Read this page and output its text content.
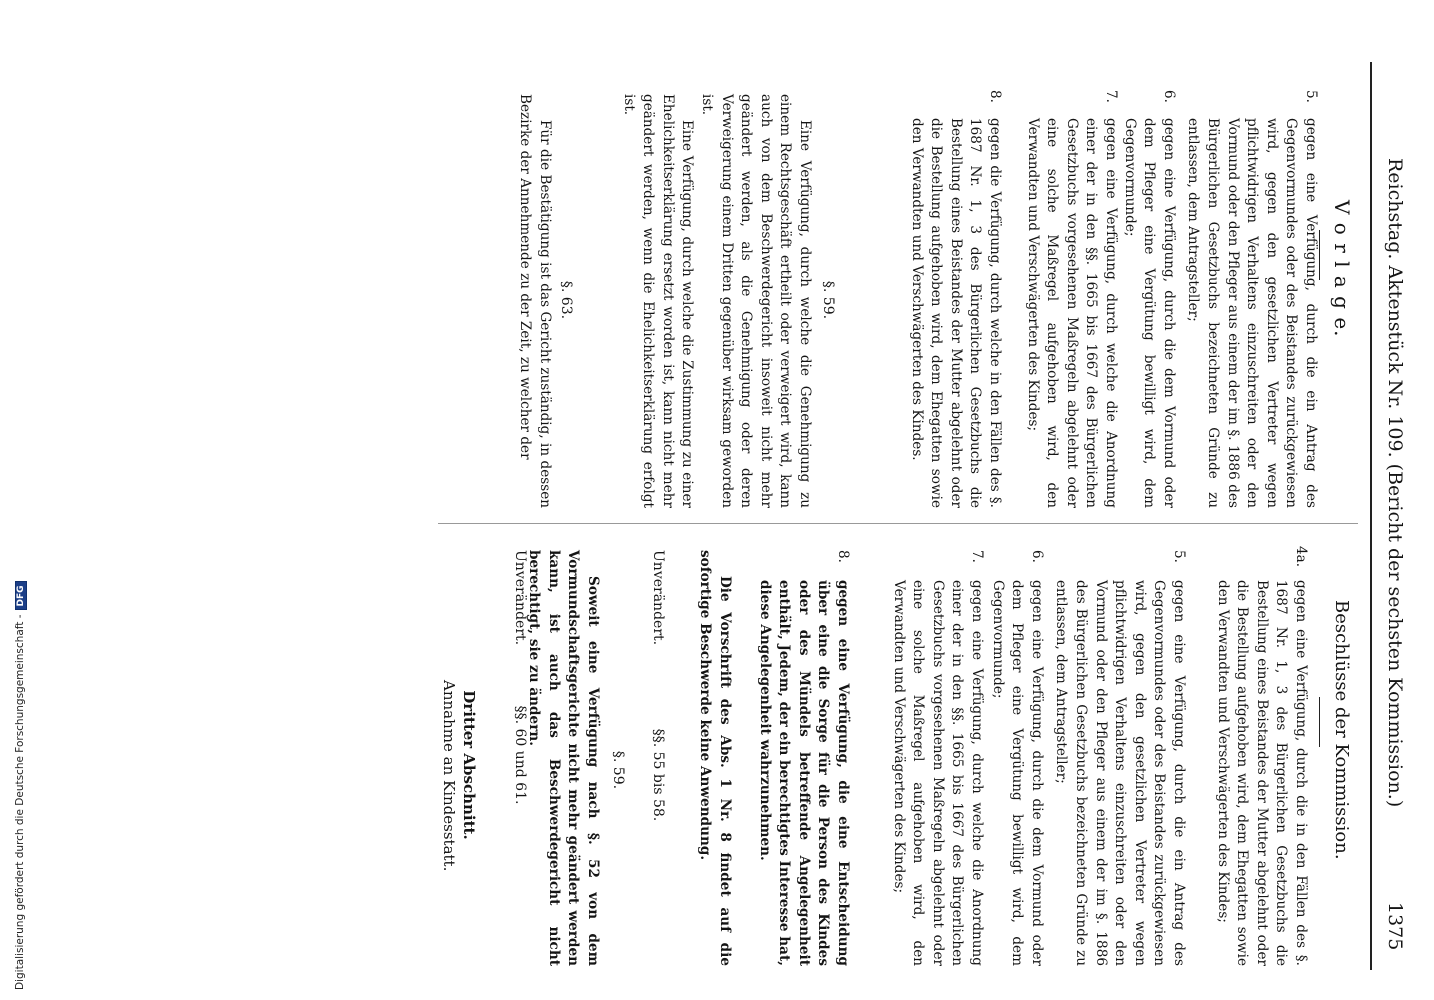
Reichstag. Aktenstück Nr. 109. (Bericht der sechsten Kommission.)
1375
V o r l a g e.
Beschlüsse der Kommission.
5.
gegen eine Verfügung, durch die ein Antrag des Gegenvormundes oder des Beistandes zurückgewiesen wird, gegen den gesetzlichen Vertreter wegen pflichtwidrigen Verhaltens einzuschreiten oder den Vormund oder den Pfleger aus einem der im §. 1886 des Bürgerlichen Gesetzbuchs bezeichneten Gründe zu entlassen, dem Antragsteller;
6.
gegen eine Verfügung, durch die dem Vormund oder dem Pfleger eine Vergütung bewilligt wird, dem Gegenvormunde;
7.
gegen eine Verfügung, durch welche die Anordnung einer der in den §§. 1665 bis 1667 des Bürgerlichen Gesetzbuchs vorgesehenen Maßregeln abgelehnt oder eine solche Maßregel aufgehoben wird, den Verwandten und Verschwägerten des Kindes;
8.
gegen die Verfügung, durch welche in den Fällen des §. 1687 Nr. 1, 3 des Bürgerlichen Gesetzbuchs die Bestellung eines Beistandes der Mutter abgelehnt oder die Bestellung aufgehoben wird, dem Ehegatten sowie den Verwandten und Verschwägerten des Kindes.
§. 59.

Eine Verfügung, durch welche die Genehmigung zu einem Rechtsgeschäft ertheilt oder verweigert wird, kann auch von dem Beschwerdegericht insoweit nicht mehr geändert werden, als die Genehmigung oder deren Verweigerung einem Dritten gegenüber wirksam geworden ist.

Eine Verfügung, durch welche die Zustimmung zu einer Ehelichkeitserklärung ersetzt worden ist, kann nicht mehr geändert werden, wenn die Ehelichkeitserklärung erfolgt ist.

§. 63.

Für die Bestätigung ist das Gericht zuständig, in dessen Bezirke der Annehmende zu der Zeit, zu welcher der

4a.
gegen eine Verfügung, durch die in den Fällen des §. 1687 Nr. 1, 3 des Bürgerlichen Gesetzbuchs die Bestellung eines Beistandes der Mutter abgelehnt oder die Bestellung aufgehoben wird, dem Ehegatten sowie den Verwandten und Verschwägerten des Kindes;
5.
gegen eine Verfügung, durch die ein Antrag des Gegenvormundes oder des Beistandes zurückgewiesen wird, gegen den gesetzlichen Vertreter wegen pflichtwidrigen Verhaltens einzuschreiten oder den Vormund oder den Pfleger aus einem der im §. 1886 des Bürgerlichen Gesetzbuchs bezeichneten Gründe zu entlassen, dem Antragsteller;
6.
gegen eine Verfügung, durch die dem Vormund oder dem Pfleger eine Vergütung bewilligt wird, dem Gegenvormunde;
7.
gegen eine Verfügung, durch welche die Anordnung einer der in den §§. 1665 bis 1667 des Bürgerlichen Gesetzbuchs vorgesehenen Maßregeln abgelehnt oder eine solche Maßregel aufgehoben wird, den Verwandten und Verschwägerten des Kindes;
8.
gegen eine Verfügung, die eine Entscheidung über eine die Sorge für die Person des Kindes oder des Mündels betreffende Angelegenheit enthält, Jedem, der ein berechtigtes Interesse hat, diese Angelegenheit wahrzunehmen.

Die Vorschrift des Abs. 1 Nr. 8 findet auf die sofortige Beschwerde keine Anwendung.

Unverändert.
§§. 55 bis 58.
§. 59.

Soweit eine Verfügung nach §. 52 von dem Vormundschaftsgerichte nicht mehr geändert werden kann, ist auch das Beschwerdegericht nicht berechtigt, sie zu ändern.

Unverändert.
§§. 60 und 61.
Dritter Abschnitt.
Annahme an Kindesstatt.
Digitalisierung gefördert durch die Deutsche Forschungsgemeinschaft -DFG
